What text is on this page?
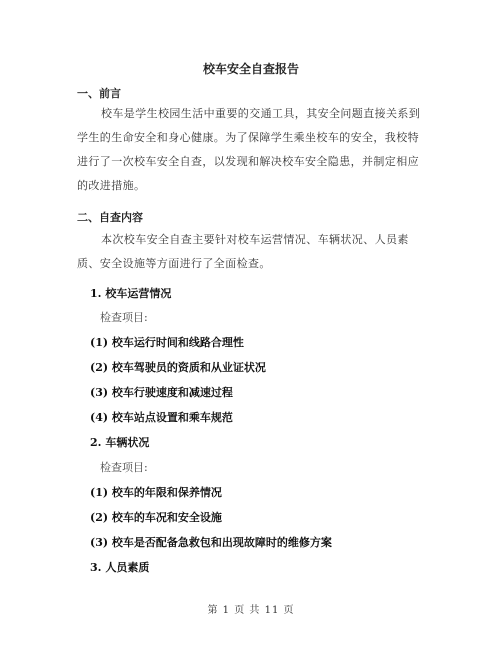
校车安全自查报告
一、前言
校车是学生校园生活中重要的交通工具，其安全问题直接关系到学生的生命安全和身心健康。为了保障学生乘坐校车的安全，我校特进行了一次校车安全自查，以发现和解决校车安全隐患，并制定相应的改进措施。
二、自查内容
本次校车安全自查主要针对校车运营情况、车辆状况、人员素质、安全设施等方面进行了全面检查。
1. 校车运营情况
检查项目:
(1) 校车运行时间和线路合理性
(2) 校车驾驶员的资质和从业证状况
(3) 校车行驶速度和减速过程
(4) 校车站点设置和乘车规范
2. 车辆状况
检查项目:
(1) 校车的年限和保养情况
(2) 校车的车况和安全设施
(3) 校车是否配备急救包和出现故障时的维修方案
3. 人员素质
第 1 页 共 11 页
